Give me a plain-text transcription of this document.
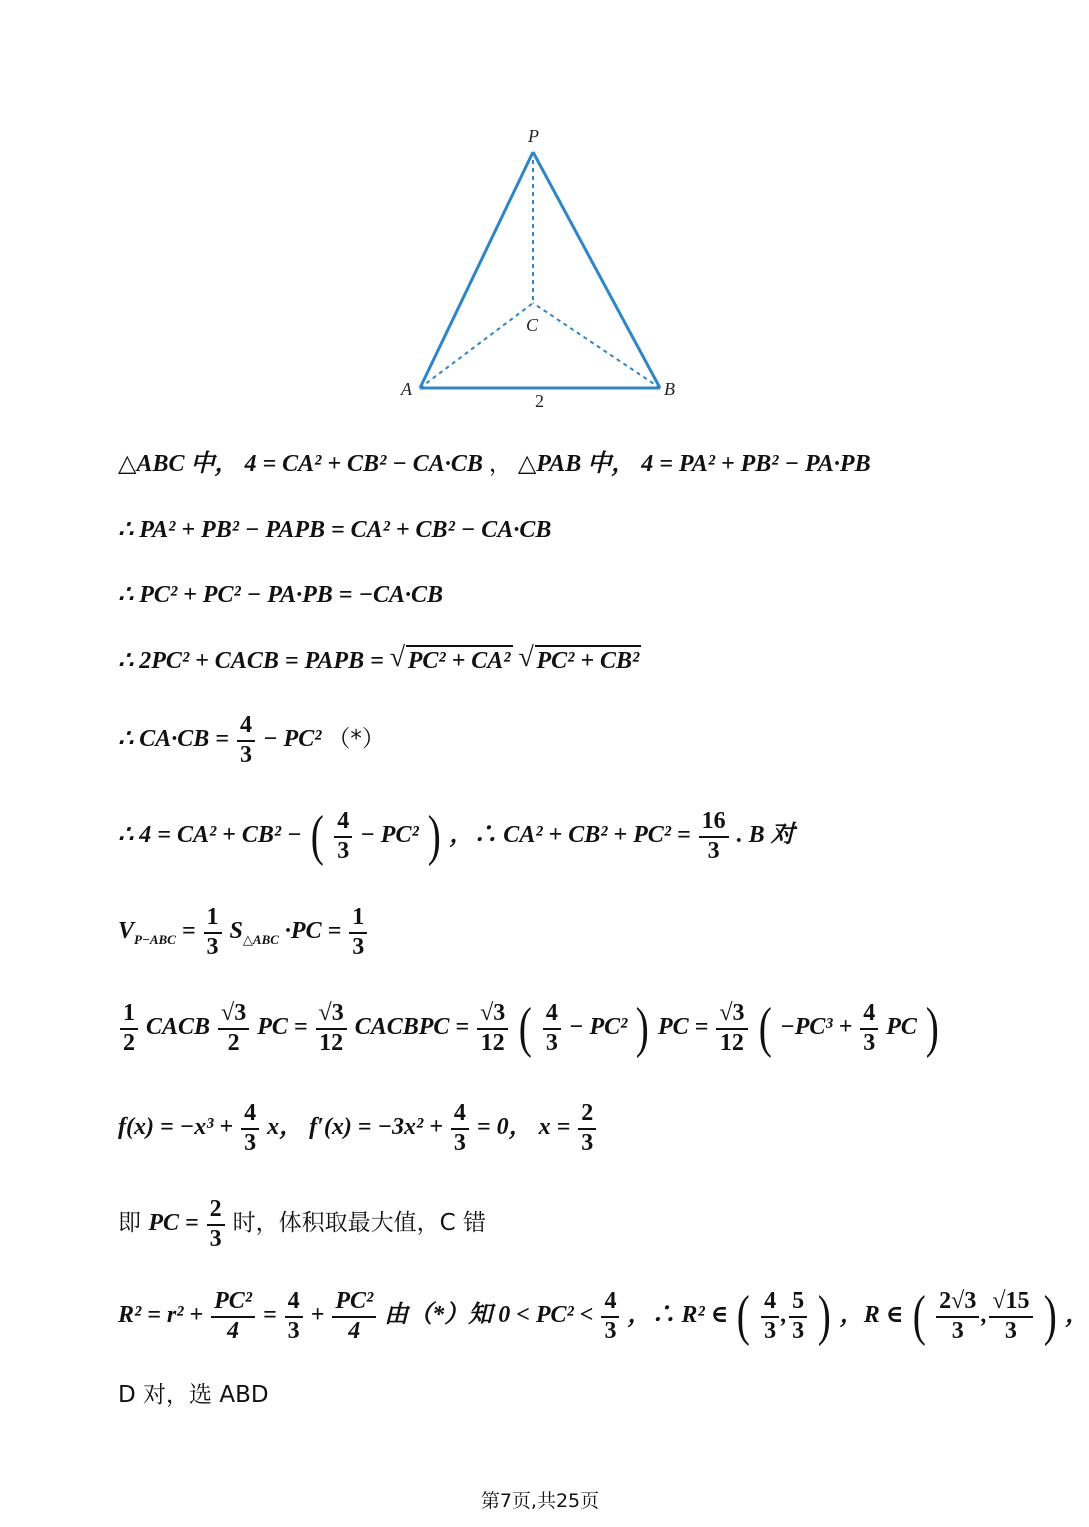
P
C
A	B
2
△ABC 中， 4 = CA² + CB² − CA·CB ， △PAB 中， 4 = PA² + PB² − PA·PB
∴ PA² + PB² − PAPB = CA² + CB² − CA·CB
∴ PC² + PC² − PA·PB = −CA·CB
∴ 2PC² + CACB = PAPB = √ PC² + CA² √ PC² + CB²
∴ $CA\cdot CB = \frac{4}{3} - PC^2$ （*）
∴ 4 = CA² + CB² − ( $\frac{4}{3} - PC^2$ ) ，∴ $CA^2 + CB^2 + PC^2 = \frac{16}{3}$ . B 对
$V_{P-ABC} = \frac{1}{3} S_{\triangle ABC} \cdot PC = \frac{1}{3}$
$\frac{1}{2}$ CACB $\frac{√3}{2}$ PC = $\frac{√3}{12}$ CACBPC = $\frac{√3}{12}$ ( $\frac{4}{3} - PC^2$ ) PC = $\frac{√3}{12}$ ( $-PC^3 + \frac{4}{3}$ PC )
$f(x) = -x^3 + \frac{4}{3}$ x， $f'(x) = -3x^2 + \frac{4}{3} = 0$， $x = \frac{2}{3}$
即 PC = $\frac{2}{3}$ 时，体积取最大值，C 错
$R^2 = r^2 + \frac{\text{PC²}}{4} = \frac{4}{3} + \frac{\text{PC²}}{4}$ 由（*）知 $0 < PC^2 < \frac{4}{3}$ ，∴ R² ∈ ( $\frac{4}{3}$ , $\frac{5}{3}$ ) ，R ∈ ( $\frac{2√3}{3}$ , $\frac{√15}{3}$ ) ，
D 对，选 ABD
第7页,共25页
